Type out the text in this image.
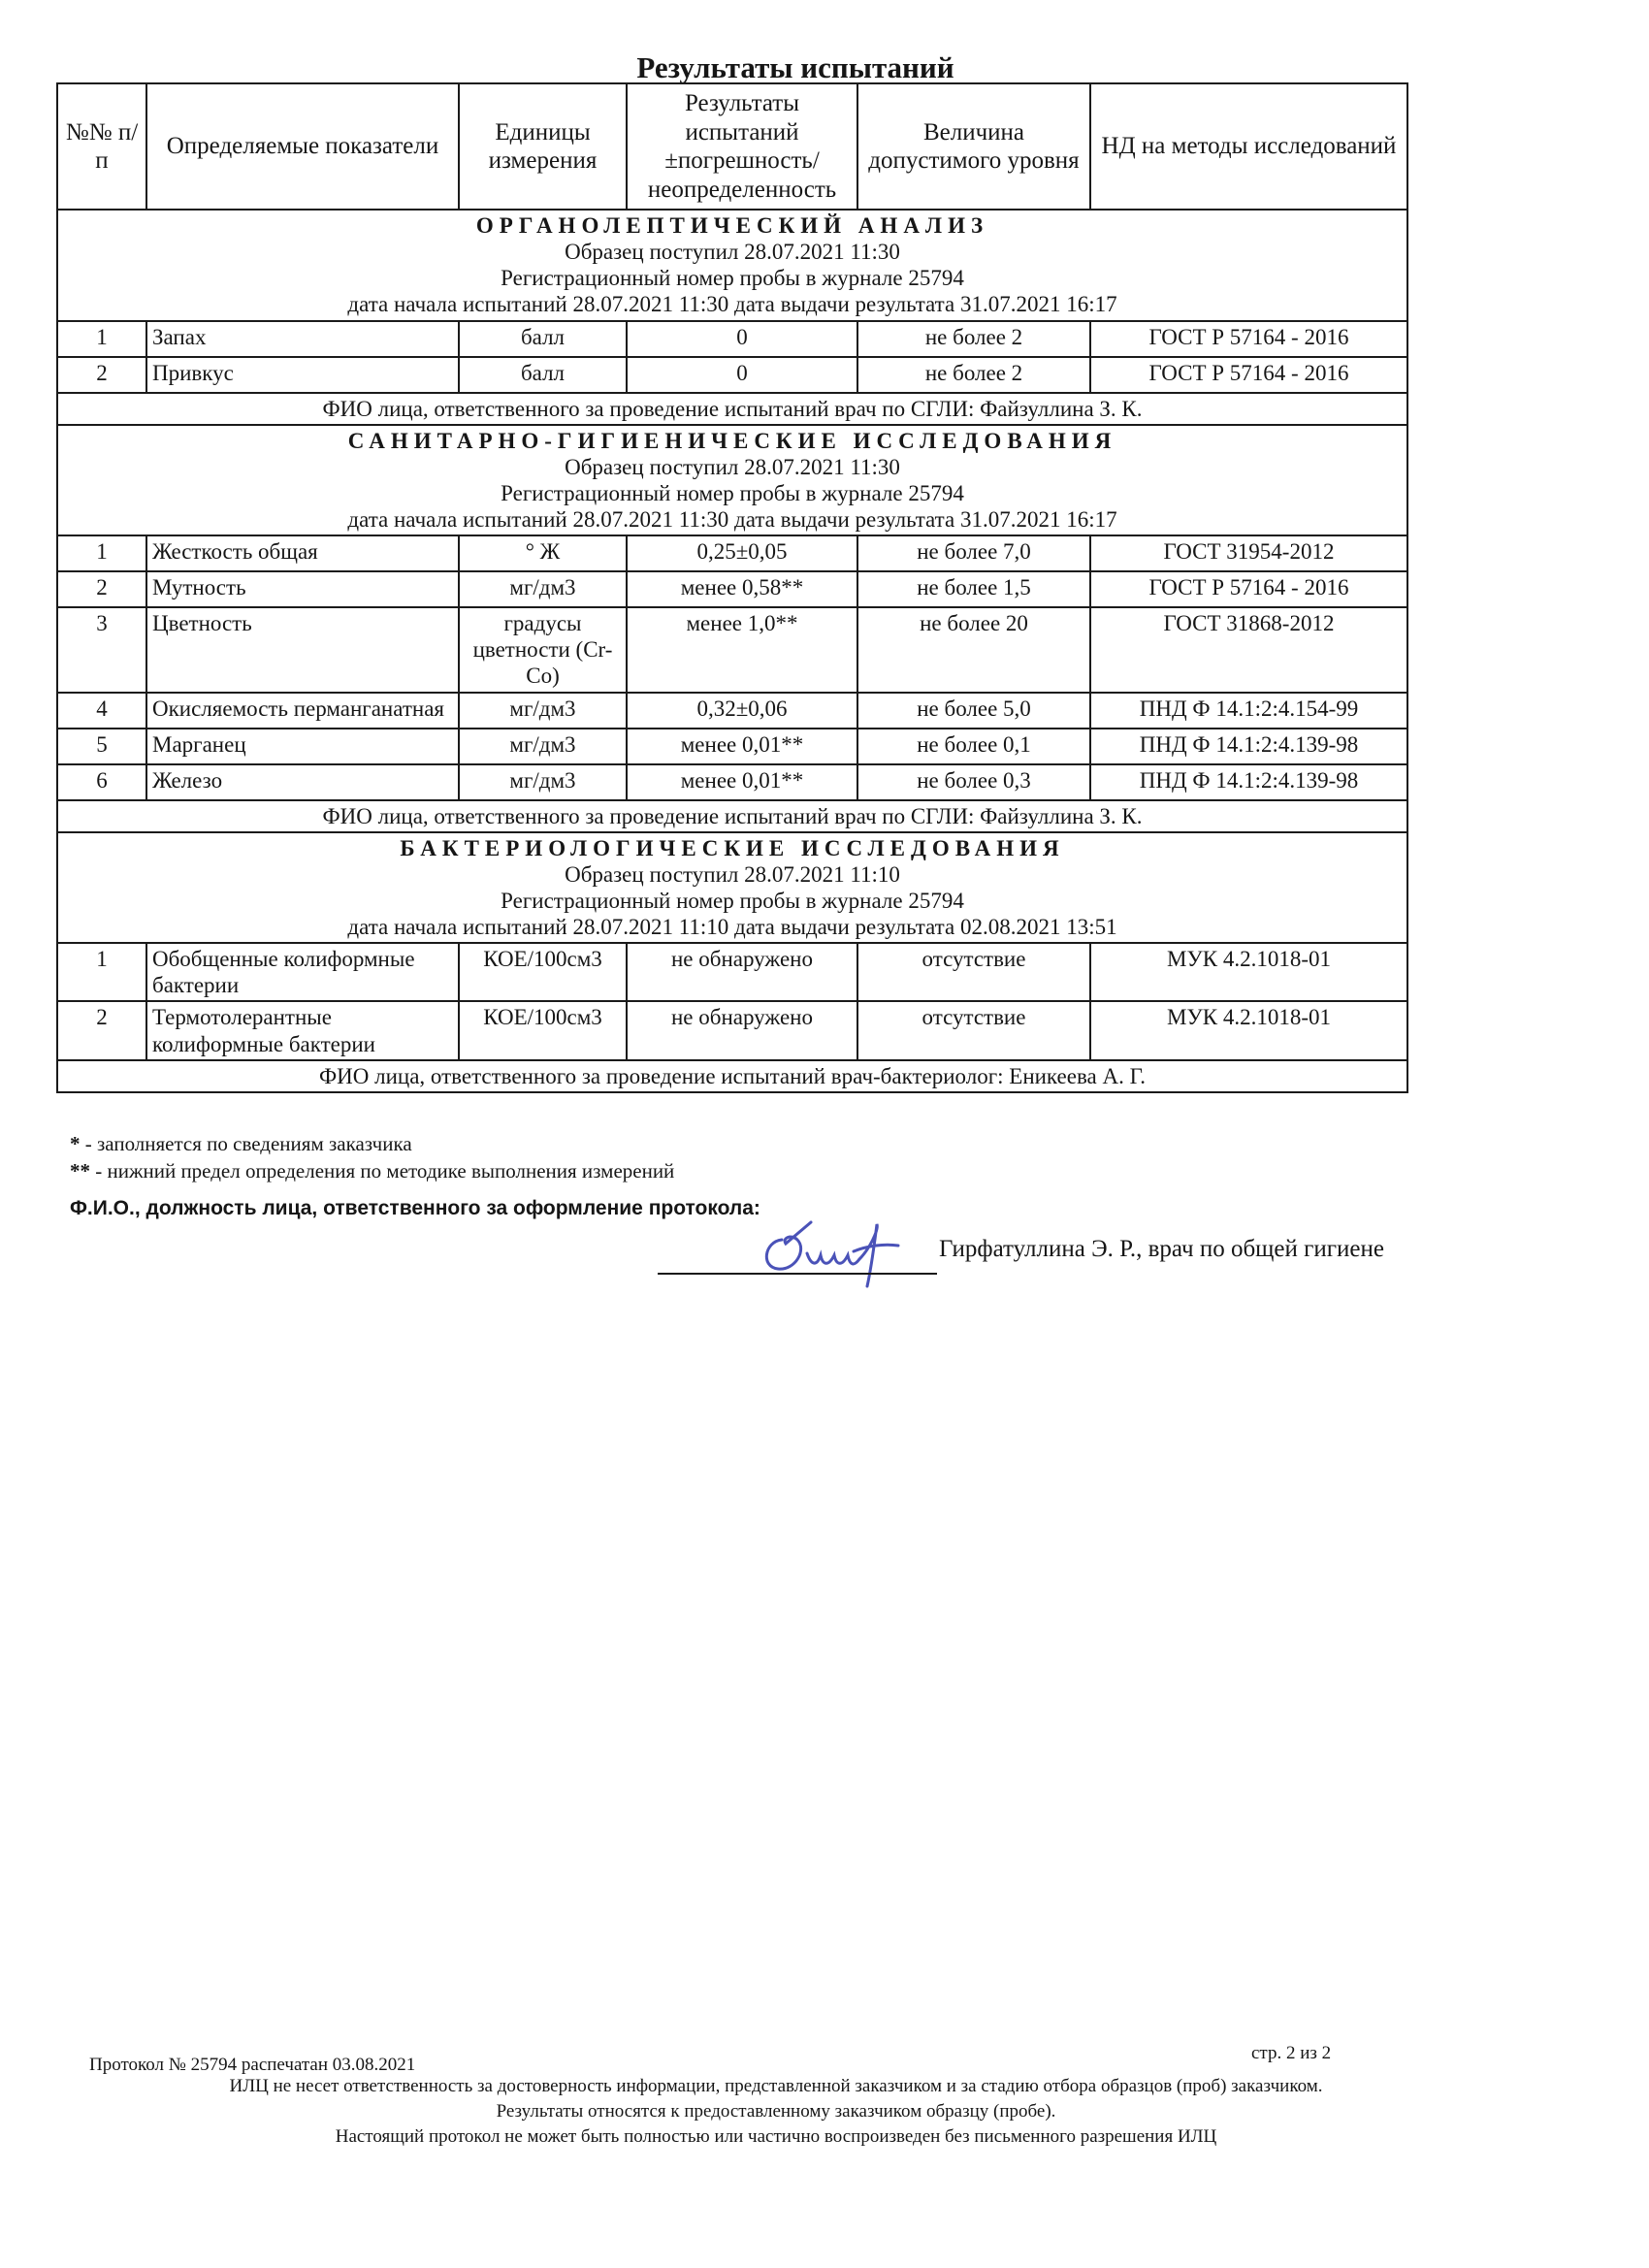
Результаты испытаний
№№ п/п	Определяемые показатели	Единицы измерения	Результаты испытаний ±погрешность/ неопределенность	Величина допустимого уровня	НД на методы исследований

ОРГАНОЛЕПТИЧЕСКИЙ АНАЛИЗ
Образец поступил 28.07.2021 11:30
Регистрационный номер пробы в журнале 25794
дата начала испытаний 28.07.2021 11:30 дата выдачи результата 31.07.2021 16:17					

1	Запах	балл	0	не более 2	ГОСТ Р 57164 - 2016
2	Привкус	балл	0	не более 2	ГОСТ Р 57164 - 2016
ФИО лица, ответственного за проведение испытаний врач по СГЛИ: Файзуллина З. К.					

САНИТАРНО-ГИГИЕНИЧЕСКИЕ ИССЛЕДОВАНИЯ
Образец поступил 28.07.2021 11:30
Регистрационный номер пробы в журнале 25794
дата начала испытаний 28.07.2021 11:30 дата выдачи результата 31.07.2021 16:17					

1	Жесткость общая	° Ж	0,25±0,05	не более 7,0	ГОСТ 31954-2012
2	Мутность	мг/дм3	менее 0,58**	не более 1,5	ГОСТ Р 57164 - 2016
3	Цветность	градусы цветности (Cr-Co)	менее 1,0**	не более 20	ГОСТ 31868-2012
4	Окисляемость перманганатная	мг/дм3	0,32±0,06	не более 5,0	ПНД Ф 14.1:2:4.154-99
5	Марганец	мг/дм3	менее 0,01**	не более 0,1	ПНД Ф 14.1:2:4.139-98
6	Железо	мг/дм3	менее 0,01**	не более 0,3	ПНД Ф 14.1:2:4.139-98
ФИО лица, ответственного за проведение испытаний врач по СГЛИ: Файзуллина З. К.					

БАКТЕРИОЛОГИЧЕСКИЕ ИССЛЕДОВАНИЯ
Образец поступил 28.07.2021 11:10
Регистрационный номер пробы в журнале 25794
дата начала испытаний 28.07.2021 11:10 дата выдачи результата 02.08.2021 13:51					

1	Обобщенные колиформные бактерии	КОЕ/100см3	не обнаружено	отсутствие	МУК 4.2.1018-01
2	Термотолерантные колиформные бактерии	КОЕ/100см3	не обнаружено	отсутствие	МУК 4.2.1018-01
ФИО лица, ответственного за проведение испытаний врач-бактериолог: Еникеева А. Г.					
* - заполняется по сведениям заказчика
** - нижний предел определения по методике выполнения измерений
Ф.И.О., должность лица, ответственного за оформление протокола:
Гирфатуллина Э. Р., врач по общей гигиене
стр. 2 из 2
Протокол № 25794 распечатан 03.08.2021
ИЛЦ не несет ответственность за достоверность информации, представленной заказчиком и за стадию отбора образцов (проб) заказчиком.
Результаты относятся к предоставленному заказчиком образцу (пробе).
Настоящий протокол не может быть полностью или частично воспроизведен без письменного разрешения ИЛЦ
